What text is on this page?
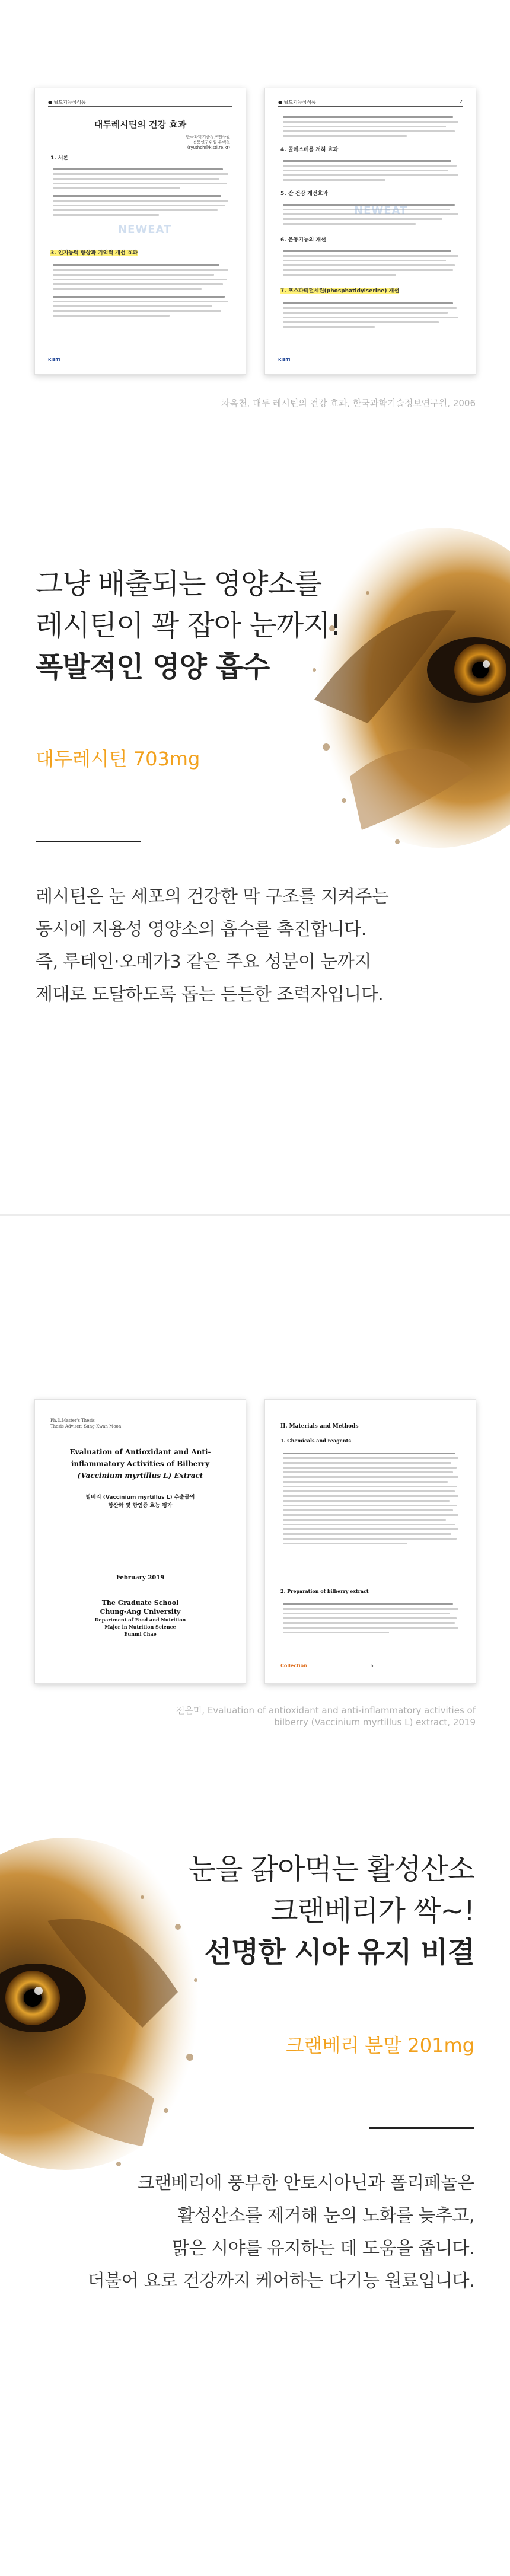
● 월드기능성식품	1
대두레시틴의 건강 효과
한국과학기술정보연구원
전문연구위원 유택천
(ryuthch@kisti.re.kr)
1. 서론
3. 인지능력 향상과 기억력 개선 효과
NEWEAT
KISTI
● 월드기능성식품	2
4. 콜레스테롤 저하 효과
5. 간 건강 개선효과
NEWEAT
6. 운동기능의 개선
7. 포스파티딜세린(phosphatidylserine) 개선
KISTI
차옥천, 대두 레시틴의 건강 효과, 한국과학기술정보연구원, 2006
그냥 배출되는 영양소를
레시틴이 꽉 잡아 눈까지!
폭발적인 영양 흡수
대두레시틴 703mg
레시틴은 눈 세포의 건강한 막 구조를 지켜주는
동시에 지용성 영양소의 흡수를 촉진합니다.
즉, 루테인·오메가3 같은 주요 성분이 눈까지
제대로 도달하도록 돕는 든든한 조력자입니다.
Ph.D.Master's Thesis
Thesis Adviser: Sung-Kwan Moon
Evaluation of Antioxidant and Anti-
inflammatory Activities of Bilberry
(Vaccinium myrtillus L) Extract
빌베리 (Vaccinium myrtillus L) 추출물의
항산화 및 항염증 효능 평가
February 2019
The Graduate School
Chung-Ang University
Department of Food and Nutrition
Major in Nutrition Science
Eunmi Chae
II. Materials and Methods
1. Chemicals and reagents
2. Preparation of bilberry extract
Collection	6
전은미, Evaluation of antioxidant and anti-inflammatory activities of
bilberry (Vaccinium myrtillus L) extract, 2019
눈을 갉아먹는 활성산소
크랜베리가 싹~!
선명한 시야 유지 비결
크랜베리 분말 201mg
크랜베리에 풍부한 안토시아닌과 폴리페놀은
활성산소를 제거해 눈의 노화를 늦추고,
맑은 시야를 유지하는 데 도움을 줍니다.
더불어 요로 건강까지 케어하는 다기능 원료입니다.
